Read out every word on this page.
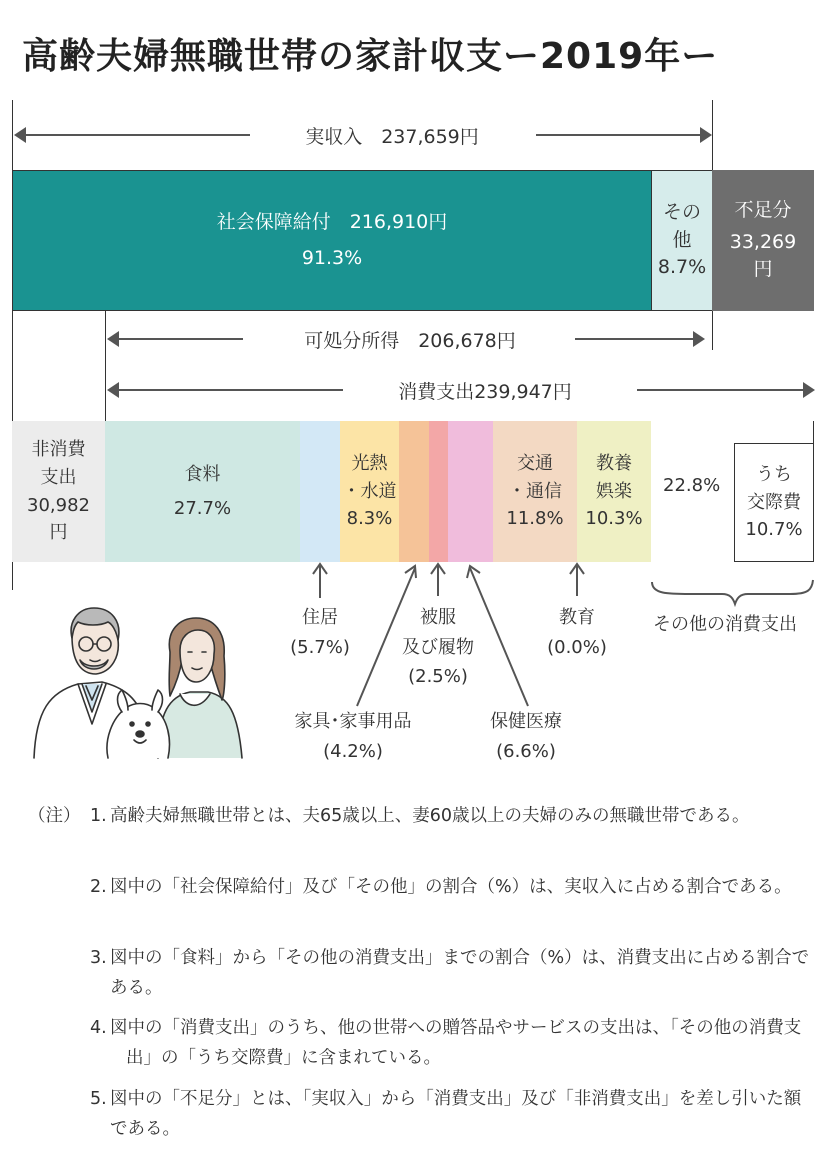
高齢夫婦無職世帯の家計収支ー2019年ー
実収入　237,659円
社会保障給付　216,910円
91.3%
その
他
8.7%
不足分
33,269
円
可処分所得　206,678円
消費支出239,947円
非消費
支出
30,982
円
食料
27.7%
光熱
・水道
8.3%
交通
・通信
11.8%
教養
娯楽
10.3%
22.8%
うち
交際費
10.7%
住居
(5.7%)
家具･家事用品
(4.2%)
被服
及び履物
(2.5%)
保健医療
(6.6%)
教育
(0.0%)
その他の消費支出
（注） 1. 高齢夫婦無職世帯とは、夫65歳以上、妻60歳以上の夫婦のみの無職世帯である。
2. 図中の「社会保障給付」及び「その他」の割合（%）は、実収入に占める割合である。
3. 図中の「食料」から「その他の消費支出」までの割合（%）は、消費支出に占める割合である。
4. 図中の「消費支出」のうち、他の世帯への贈答品やサービスの支出は、「その他の消費支出」の「うち交際費」に含まれている。
5. 図中の「不足分」とは、「実収入」から「消費支出」及び「非消費支出」を差し引いた額である。
